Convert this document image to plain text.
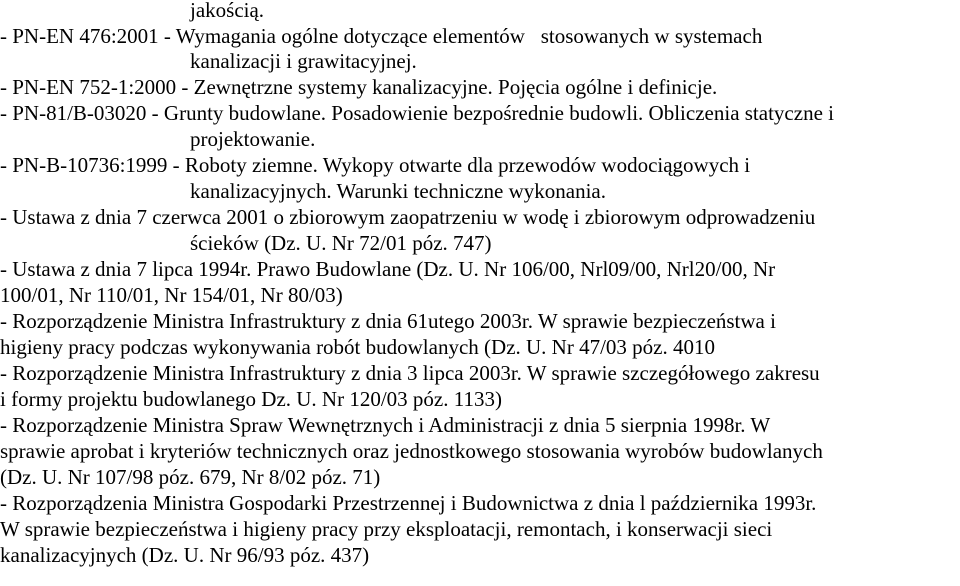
jakością.
- PN-EN 476:2001 - Wymagania ogólne dotyczące elementów   stosowanych w systemach
kanalizacji i grawitacyjnej.
- PN-EN 752-1:2000 - Zewnętrzne systemy kanalizacyjne. Pojęcia ogólne i definicje.
- PN-81/B-03020 - Grunty budowlane. Posadowienie bezpośrednie budowli. Obliczenia statyczne i
projektowanie.
- PN-B-10736:1999 - Roboty ziemne. Wykopy otwarte dla przewodów wodociągowych i
kanalizacyjnych. Warunki techniczne wykonania.
- Ustawa z dnia 7 czerwca 2001 o zbiorowym zaopatrzeniu w wodę i zbiorowym odprowadzeniu
ścieków (Dz. U. Nr 72/01 póz. 747)
- Ustawa z dnia 7 lipca 1994r. Prawo Budowlane (Dz. U. Nr 106/00, Nrl09/00, Nrl20/00, Nr
100/01, Nr 110/01, Nr 154/01, Nr 80/03)
- Rozporządzenie Ministra Infrastruktury z dnia 61utego 2003r. W sprawie bezpieczeństwa i
higieny pracy podczas wykonywania robót budowlanych (Dz. U. Nr 47/03 póz. 4010
- Rozporządzenie Ministra Infrastruktury z dnia 3 lipca 2003r. W sprawie szczegółowego zakresu
i formy projektu budowlanego Dz. U. Nr 120/03 póz. 1133)
- Rozporządzenie Ministra Spraw Wewnętrznych i Administracji z dnia 5 sierpnia 1998r. W
sprawie aprobat i kryteriów technicznych oraz jednostkowego stosowania wyrobów budowlanych
(Dz. U. Nr 107/98 póz. 679, Nr 8/02 póz. 71)
- Rozporządzenia Ministra Gospodarki Przestrzennej i Budownictwa z dnia l października 1993r.
W sprawie bezpieczeństwa i higieny pracy przy eksploatacji, remontach, i konserwacji sieci
kanalizacyjnych (Dz. U. Nr 96/93 póz. 437)
